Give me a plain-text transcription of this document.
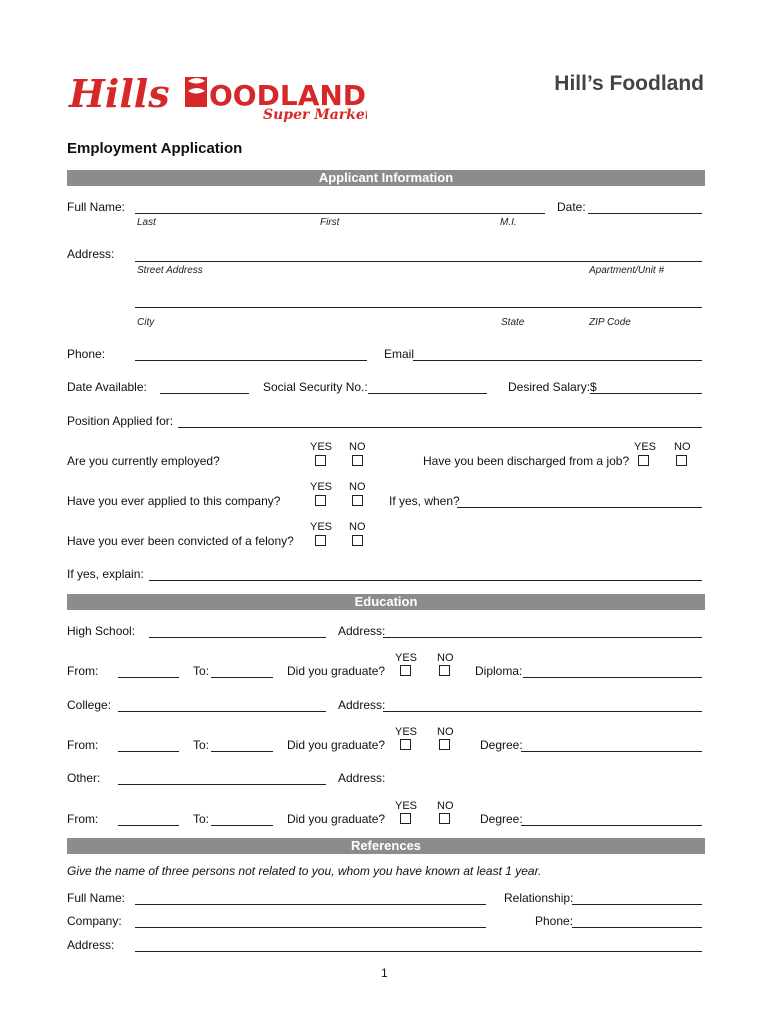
Hills OODLAND
Super Market
Hill’s Foodland
Employment Application
Applicant Information
Full Name:	Date:
Last	First	M.I.
Address:
Street Address	Apartment/Unit #
City	State	ZIP Code
Phone:	Email
Date Available:	Social Security No.:	Desired Salary:$
Position Applied for:
YES NO
Are you currently employed?
YES NO
Have you been discharged from a job?
YES NO
Have you ever applied to this company?	If yes, when?
YES NO
Have you ever been convicted of a felony?
If yes, explain:
Education
High School:	Address:
YES NO
From:	To:	Did you graduate?	Diploma:
College:	Address:
YES NO
From:	To:	Did you graduate?	Degree:
Other:	Address:
YES NO
From:	To:	Did you graduate?	Degree:
References
Give the name of three persons not related to you, whom you have known at least 1 year.
Full Name:	Relationship:
Company:	Phone:
Address:
1
